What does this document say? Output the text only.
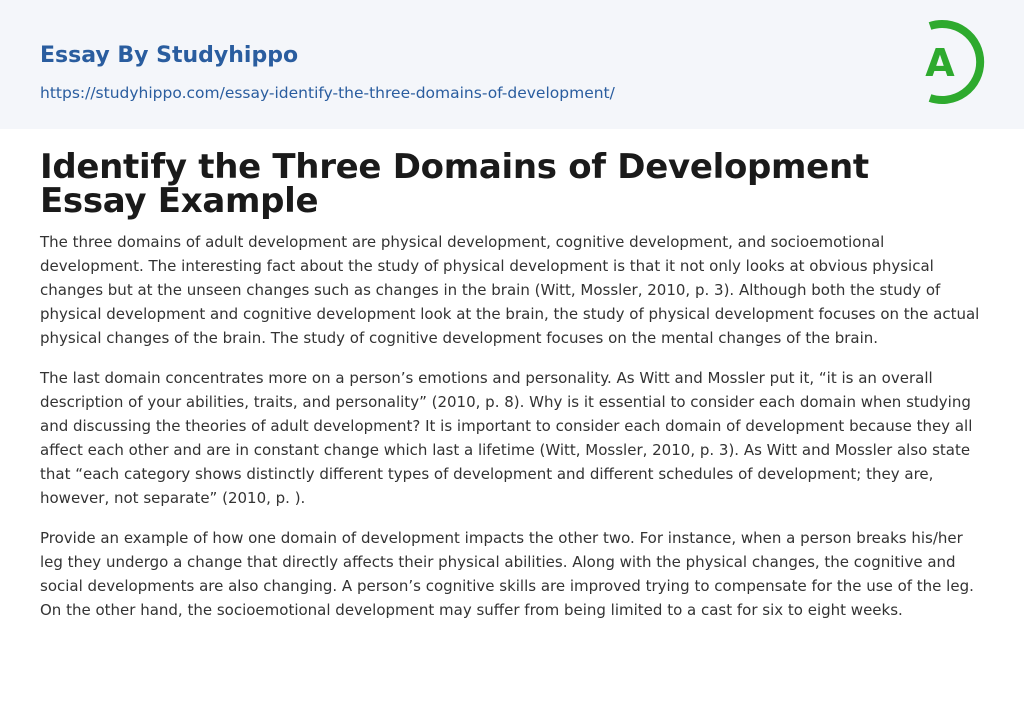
Essay By Studyhippo
https://studyhippo.com/essay-identify-the-three-domains-of-development/
A
Identify the Three Domains of Development Essay Example

The three domains of adult development are physical development, cognitive development, and socioemotional development. The interesting fact about the study of physical development is that it not only looks at obvious physical changes but at the unseen changes such as changes in the brain (Witt, Mossler, 2010, p. 3). Although both the study of physical development and cognitive development look at the brain, the study of physical development focuses on the actual physical changes of the brain. The study of cognitive development focuses on the mental changes of the brain.

The last domain concentrates more on a person’s emotions and personality. As Witt and Mossler put it, “it is an overall description of your abilities, traits, and personality” (2010, p. 8). Why is it essential to consider each domain when studying and discussing the theories of adult development? It is important to consider each domain of development because they all affect each other and are in constant change which last a lifetime (Witt, Mossler, 2010, p. 3). As Witt and Mossler also state that “each category shows distinctly different types of development and different schedules of development; they are, however, not separate” (2010, p. ).

Provide an example of how one domain of development impacts the other two. For instance, when a person breaks his/her leg they undergo a change that directly affects their physical abilities. Along with the physical changes, the cognitive and social developments are also changing. A person’s cognitive skills are improved trying to compensate for the use of the leg. On the other hand, the socioemotional development may suffer from being limited to a cast for six to eight weeks.
